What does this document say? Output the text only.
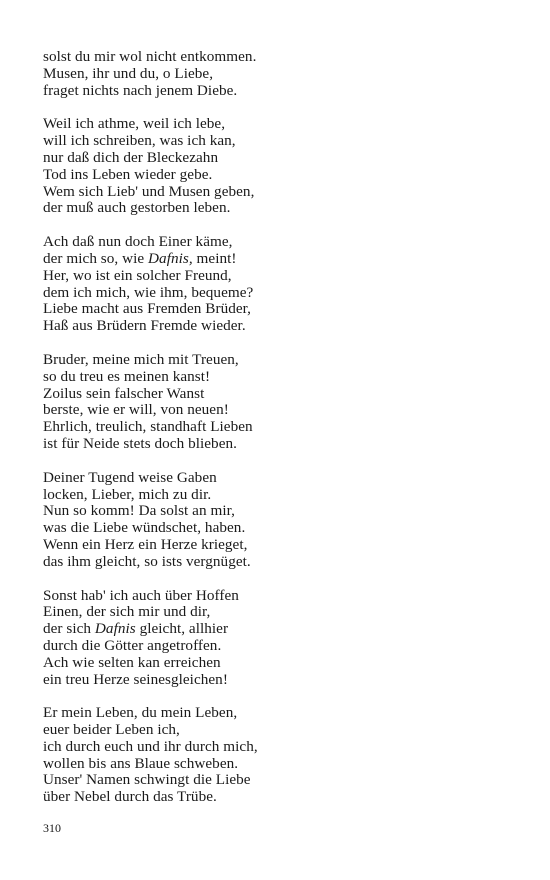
solst du mir wol nicht entkommen.
Musen, ihr und du, o Liebe,
fraget nichts nach jenem Diebe.
Weil ich athme, weil ich lebe,
will ich schreiben, was ich kan,
nur daß dich der Bleckezahn
Tod ins Leben wieder gebe.
Wem sich Lieb' und Musen geben,
der muß auch gestorben leben.
Ach daß nun doch Einer käme,
der mich so, wie Dafnis, meint!
Her, wo ist ein solcher Freund,
dem ich mich, wie ihm, bequeme?
Liebe macht aus Fremden Brüder,
Haß aus Brüdern Fremde wieder.
Bruder, meine mich mit Treuen,
so du treu es meinen kanst!
Zoilus sein falscher Wanst
berste, wie er will, von neuen!
Ehrlich, treulich, standhaft Lieben
ist für Neide stets doch blieben.
Deiner Tugend weise Gaben
locken, Lieber, mich zu dir.
Nun so komm! Da solst an mir,
was die Liebe wündschet, haben.
Wenn ein Herz ein Herze krieget,
das ihm gleicht, so ists vergnüget.
Sonst hab' ich auch über Hoffen
Einen, der sich mir und dir,
der sich Dafnis gleicht, allhier
durch die Götter angetroffen.
Ach wie selten kan erreichen
ein treu Herze seinesgleichen!
Er mein Leben, du mein Leben,
euer beider Leben ich,
ich durch euch und ihr durch mich,
wollen bis ans Blaue schweben.
Unser' Namen schwingt die Liebe
über Nebel durch das Trübe.
310
